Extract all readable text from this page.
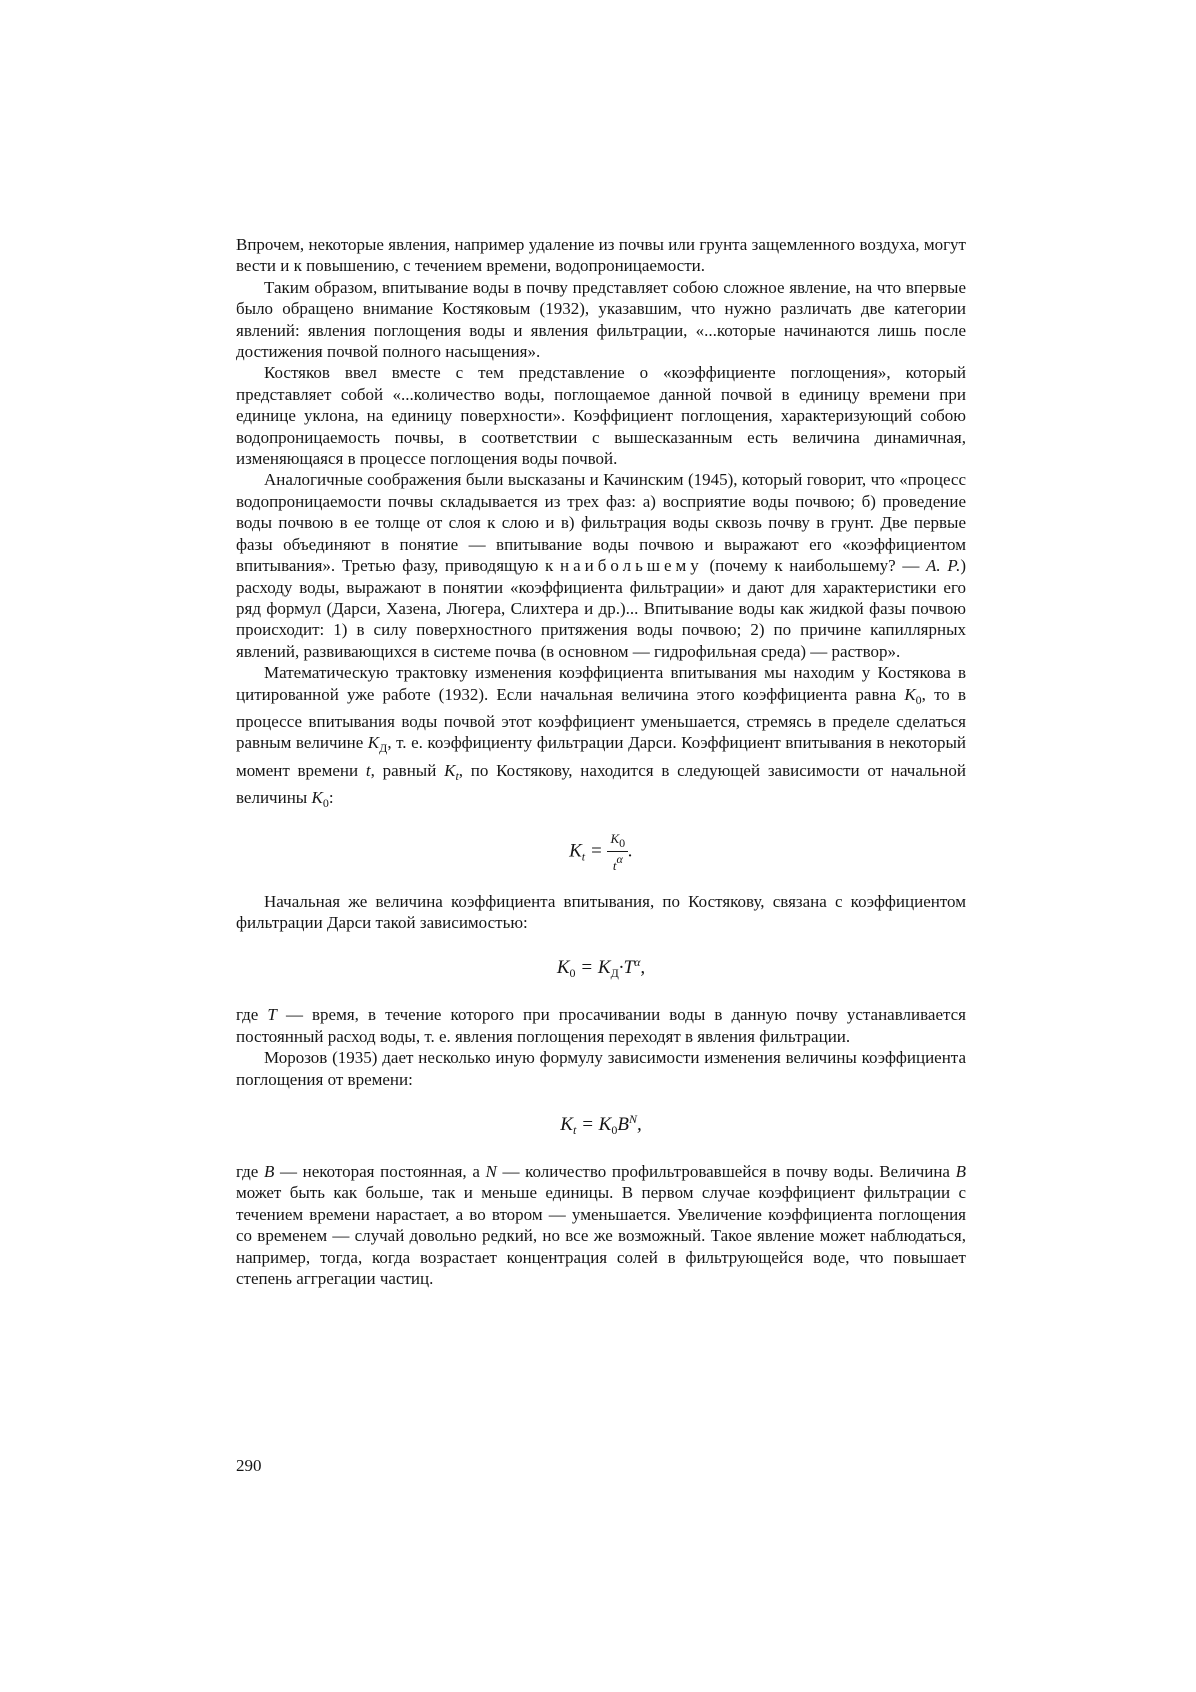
Впрочем, некоторые явления, например удаление из почвы или грунта защемленного воздуха, могут вести и к повышению, с течением времени, водопроницаемости.

Таким образом, впитывание воды в почву представляет собою сложное явление, на что впервые было обращено внимание Костяковым (1932), указавшим, что нужно различать две категории явлений: явления поглощения воды и явления фильтрации, «...которые начинаются лишь после достижения почвой полного насыщения».

Костяков ввел вместе с тем представление о «коэффициенте поглощения», который представляет собой «...количество воды, поглощаемое данной почвой в единицу времени при единице уклона, на единицу поверхности». Коэффициент поглощения, характеризующий собою водопроницаемость почвы, в соответствии с вышесказанным есть величина динамичная, изменяющаяся в процессе поглощения воды почвой.

Аналогичные соображения были высказаны и Качинским (1945), который говорит, что «процесс водопроницаемости почвы складывается из трех фаз: а) восприятие воды почвою; б) проведение воды почвою в ее толще от слоя к слою и в) фильтрация воды сквозь почву в грунт. Две первые фазы объединяют в понятие — впитывание воды почвою и выражают его «коэффициентом впитывания». Третью фазу, приводящую к наибольшему (почему к наибольшему? — А. Р.) расходу воды, выражают в понятии «коэффициента фильтрации» и дают для характеристики его ряд формул (Дарси, Хазена, Люгера, Слихтера и др.)... Впитывание воды как жидкой фазы почвою происходит: 1) в силу поверхностного притяжения воды почвою; 2) по причине капиллярных явлений, развивающихся в системе почва (в основном — гидрофильная среда) — раствор».

Математическую трактовку изменения коэффициента впитывания мы находим у Костякова в цитированной уже работе (1932). Если начальная величина этого коэффициента равна $K_0$, то в процессе впитывания воды почвой этот коэффициент уменьшается, стремясь в пределе сделаться равным величине $K_Д$, т. е. коэффициенту фильтрации Дарси. Коэффициент впитывания в некоторый момент времени t, равный $K_t$, по Костякову, находится в следующей зависимости от начальной величины $K_0$:

$K_t = \frac{K0}{t\alpha}$ .

Начальная же величина коэффициента впитывания, по Костякову, связана с коэффициентом фильтрации Дарси такой зависимостью:

$K_0 = K_Д\cdot T^\alpha$,

где T — время, в течение которого при просачивании воды в данную почву устанавливается постоянный расход воды, т. е. явления поглощения переходят в явления фильтрации.

Морозов (1935) дает несколько иную формулу зависимости изменения величины коэффициента поглощения от времени:

$K_t = K_0B^N$,

где B — некоторая постоянная, а N — количество профильтровавшейся в почву воды. Величина B может быть как больше, так и меньше единицы. В первом случае коэффициент фильтрации с течением времени нарастает, а во втором — уменьшается. Увеличение коэффициента поглощения со временем — случай довольно редкий, но все же возможный. Такое явление может наблюдаться, например, тогда, когда возрастает концентрация солей в фильтрующейся воде, что повышает степень аггрегации частиц.

290
